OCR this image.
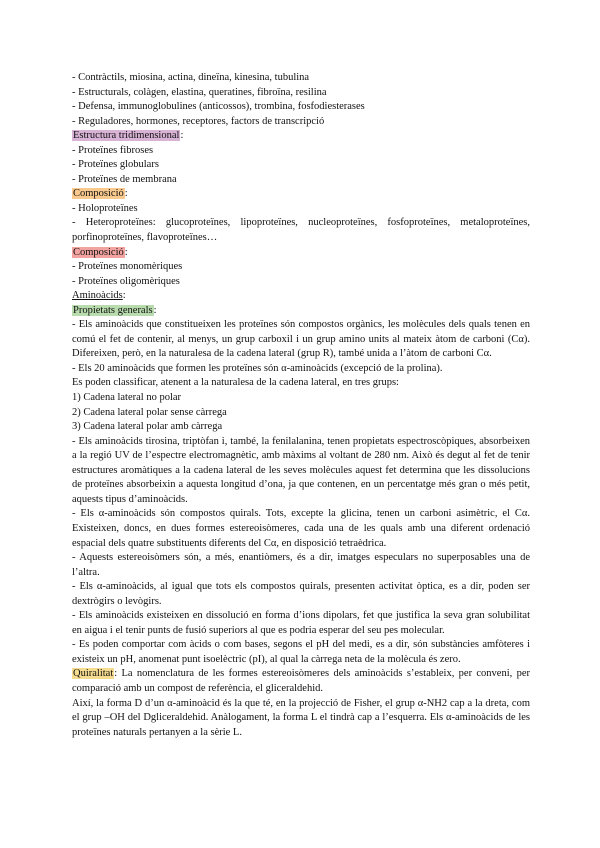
- Contràctils, miosina, actina, dineïna, kinesina, tubulina
- Estructurals, colàgen, elastina, queratines, fibroïna, resilina
- Defensa, immunoglobulines (anticossos), trombina, fosfodiesterases
- Reguladores, hormones, receptores, factors de transcripció
Estructura tridimensional:
- Proteïnes fibroses
- Proteïnes globulars
- Proteïnes de membrana
Composició:
- Holoproteïnes
- Heteroproteïnes: glucoproteïnes, lipoproteïnes, nucleoproteïnes, fosfoproteïnes, metaloproteïnes, porfinoproteïnes, flavoproteïnes…
Composició:
- Proteïnes monomèriques
- Proteïnes oligomèriques
Aminoàcids:
Propietats generals:
- Els aminoàcids que constitueixen les proteïnes són compostos orgànics, les molècules dels quals tenen en comú el fet de contenir, al menys, un grup carboxil i un grup amino units al mateix àtom de carboni (Cα). Difereixen, però, en la naturalesa de la cadena lateral (grup R), també unida a l’àtom de carboni Cα.
- Els 20 aminoàcids que formen les proteïnes són α-aminoàcids (excepció de la prolina).
Es poden classificar, atenent a la naturalesa de la cadena lateral, en tres grups:
1) Cadena lateral no polar
2) Cadena lateral polar sense càrrega
3) Cadena lateral polar amb càrrega
- Els aminoàcids tirosina, triptòfan i, també, la fenilalanina, tenen propietats espectroscòpiques, absorbeixen a la regió UV de l’espectre electromagnètic, amb màxims al voltant de 280 nm. Això és degut al fet de tenir estructures aromàtiques a la cadena lateral de les seves molècules aquest fet determina que les dissolucions de proteïnes absorbeixin a aquesta longitud d’ona, ja que contenen, en un percentatge més gran o més petit, aquests tipus d’aminoàcids.
- Els α-aminoàcids són compostos quirals. Tots, excepte la glicina, tenen un carboni asimètric, el Cα. Existeixen, doncs, en dues formes estereoisòmeres, cada una de les quals amb una diferent ordenació espacial dels quatre substituents diferents del Cα, en disposició tetraèdrica.
- Aquests estereoisòmers són, a més, enantiòmers, és a dir, imatges especulars no superposables una de l’altra.
- Els α-aminoàcids, al igual que tots els compostos quirals, presenten activitat òptica, es a dir, poden ser dextrògirs o levògirs.
- Els aminoàcids existeixen en dissolució en forma d’ions dipolars, fet que justifica la seva gran solubilitat en aigua i el tenir punts de fusió superiors al que es podria esperar del seu pes molecular.
- Es poden comportar com àcids o com bases, segons el pH del medi, es a dir, són substàncies amfòteres i existeix un pH, anomenat punt isoelèctric (pI), al qual la càrrega neta de la molècula és zero.
Quiralitat: La nomenclatura de les formes estereoisòmeres dels aminoàcids s’estableix, per conveni, per comparació amb un compost de referència, el gliceraldehid.
Així, la forma D d’un α-aminoàcid és la que té, en la projecció de Fisher, el grup α-NH2 cap a la dreta, com el grup –OH del Dgliceraldehid. Anàlogament, la forma L el tindrà cap a l’esquerra. Els α-aminoàcids de les proteïnes naturals pertanyen a la sèrie L.
